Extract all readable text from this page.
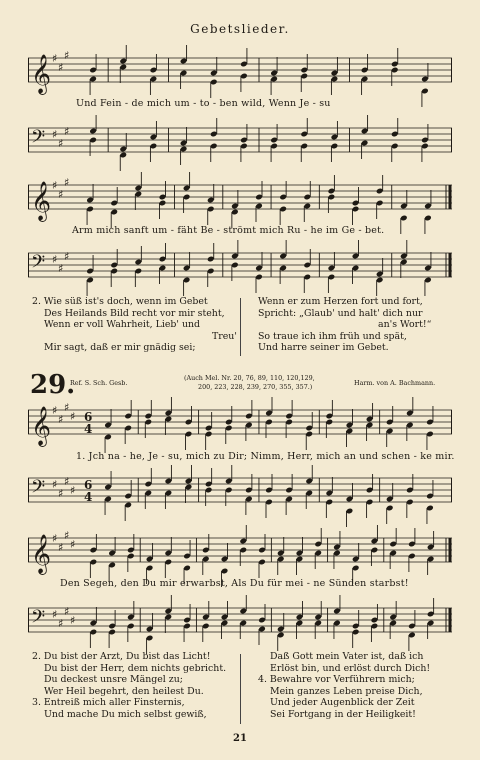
Gebetslieder.
𝄞 ♯
♯
♯
Und Fein - de mich um - to - ben wild, Wenn Je - su
𝄢 ♯
♯
♯
𝄞 ♯
♯
♯
Arm mich sanft um - fäht Be - strömt mich Ru - he im Ge - bet.
𝄢 ♯
♯
♯
2. Wie süß ist's doch, wenn im Gebet
Des Heilands Bild recht vor mir steht,
Wenn er voll Wahrheit, Lieb' und
Treu'
Mir sagt, daß er mir gnädig sei;
Wenn er zum Herzen fort und fort,
Spricht: „Glaub' und halt' dich nur
an's Wort!“
So traue ich ihm früh und spät,
Und harre seiner im Gebet.
29.
Ref. S. Sch. Gesb.
(Auch Mel. Nr. 20, 76, 89, 110, 120,129,
200, 223, 228, 239, 270, 355, 357.)	Harm. von A. Bachmann.
𝄞 ♯
♯
♯
♯ 6
4
1. Jch na - he, Je - su, mich zu Dir; Nimm, Herr, mich an und schen - ke mir.
𝄢 ♯
♯
♯
♯ 6
4
𝄞 ♯
♯
♯
♯
Den Segen, den Du mir erwarbst, Als Du für mei - ne Sünden starbst!
𝄢 ♯
♯
♯
♯
2. Du bist der Arzt, Du bist das Licht!
Du bist der Herr, dem nichts gebricht.
Du deckest unsre Mängel zu;
Wer Heil begehrt, den heilest Du.
3. Entreiß mich aller Finsternis,
Und mache Du mich selbst gewiß,
Daß Gott mein Vater ist, daß ich
Erlöst bin, und erlöst durch Dich!
4. Bewahre vor Verführern mich;
Mein ganzes Leben preise Dich,
Und jeder Augenblick der Zeit
Sei Fortgang in der Heiligkeit!
21
